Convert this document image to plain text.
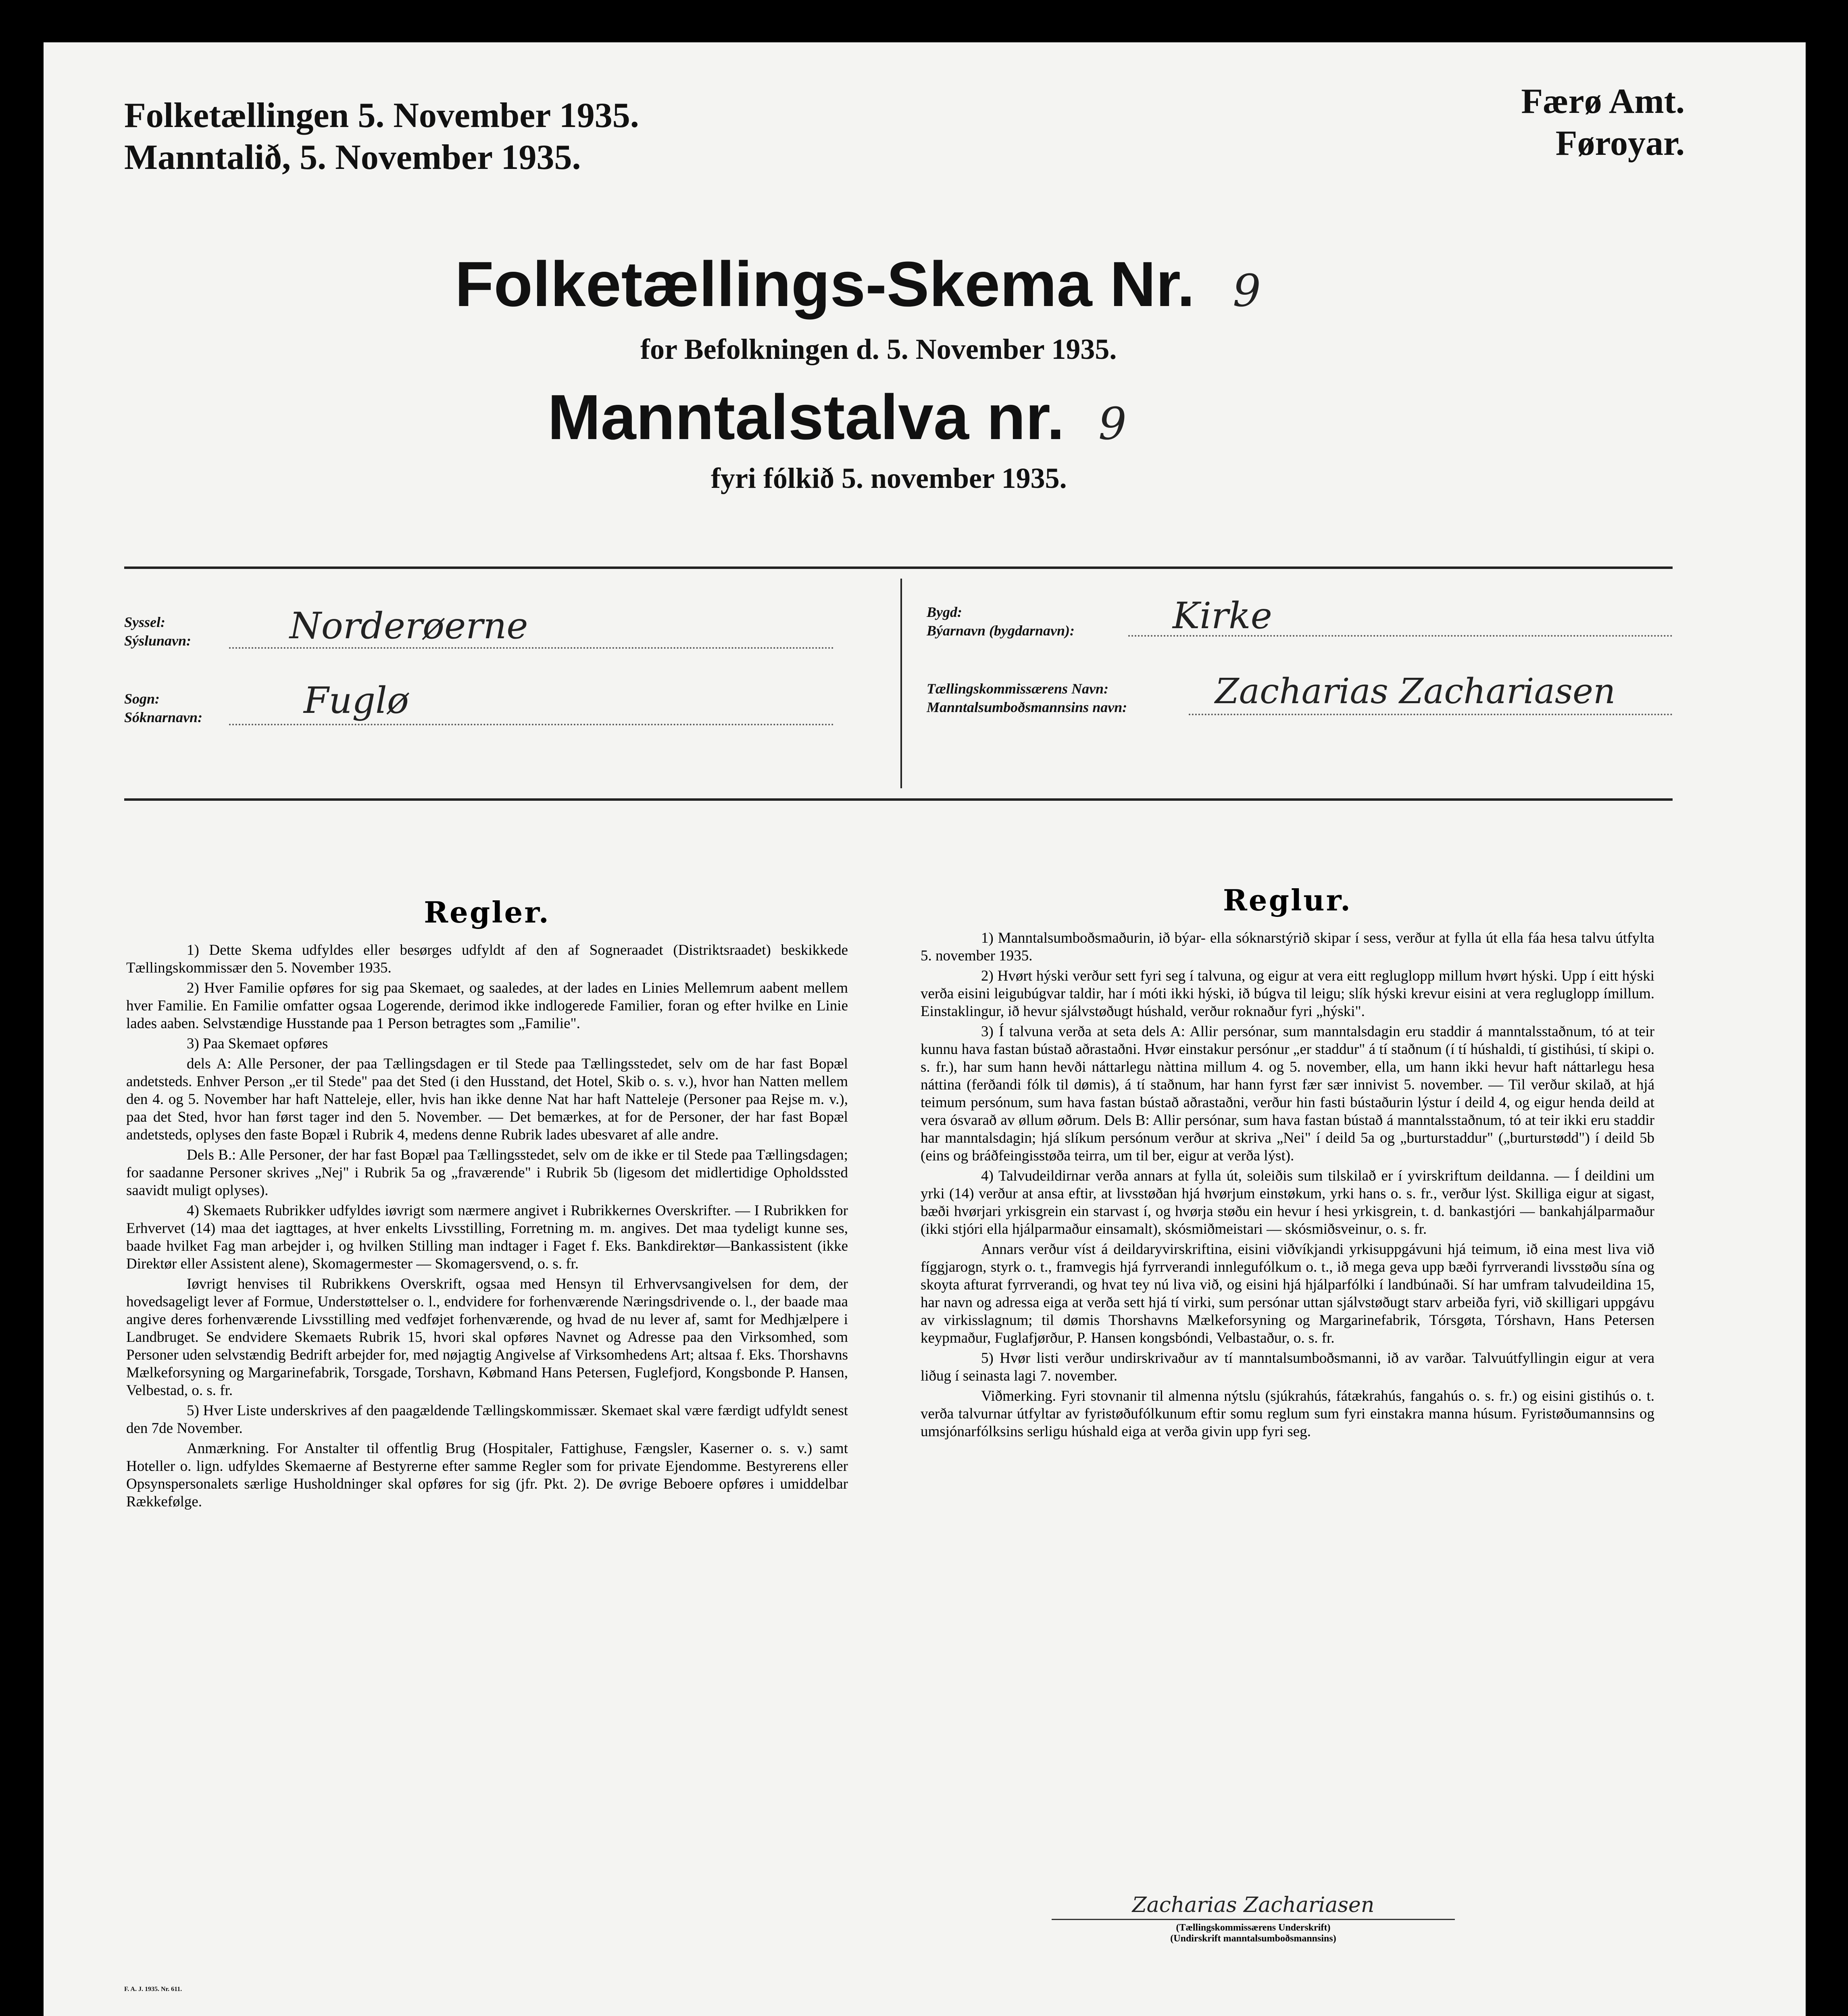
Folketællingen 5. November 1935.
Manntalið, 5. November 1935.
Færø Amt.
Føroyar.
Folketællings-Skema Nr. 9
for Befolkningen d. 5. November 1935.
Manntalstalva nr. 9
fyri fólkið 5. november 1935.
Syssel:
Sýslunavn:	Norderøerne
Sogn:
Sóknarnavn:	Fuglø
Bygd:
Býarnavn (bygdarnavn):	Kirke
Tællingskommissærens Navn:
Manntalsumboðsmannsins navn:	Zacharias Zachariasen
Regler.

1) Dette Skema udfyldes eller besørges udfyldt af den af Sogneraadet (Distriktsraadet) beskikkede Tællingskommissær den 5. November 1935.

2) Hver Familie opføres for sig paa Skemaet, og saaledes, at der lades en Linies Mellemrum aabent mellem hver Familie. En Familie omfatter ogsaa Logerende, derimod ikke indlogerede Familier, foran og efter hvilke en Linie lades aaben. Selvstændige Husstande paa 1 Person betragtes som „Familie".

3) Paa Skemaet opføres

dels A: Alle Personer, der paa Tællingsdagen er til Stede paa Tællingsstedet, selv om de har fast Bopæl andetsteds. Enhver Person „er til Stede" paa det Sted (i den Husstand, det Hotel, Skib o. s. v.), hvor han Natten mellem den 4. og 5. November har haft Natteleje, eller, hvis han ikke denne Nat har haft Natteleje (Personer paa Rejse m. v.), paa det Sted, hvor han først tager ind den 5. November. — Det bemærkes, at for de Personer, der har fast Bopæl andetsteds, oplyses den faste Bopæl i Rubrik 4, medens denne Rubrik lades ubesvaret af alle andre.

Dels B.: Alle Personer, der har fast Bopæl paa Tællingsstedet, selv om de ikke er til Stede paa Tællingsdagen; for saadanne Personer skrives „Nej" i Rubrik 5a og „fraværende" i Rubrik 5b (ligesom det midlertidige Opholdssted saavidt muligt oplyses).

4) Skemaets Rubrikker udfyldes iøvrigt som nærmere angivet i Rubrikkernes Overskrifter. — I Rubrikken for Erhvervet (14) maa det iagttages, at hver enkelts Livsstilling, Forretning m. m. angives. Det maa tydeligt kunne ses, baade hvilket Fag man arbejder i, og hvilken Stilling man indtager i Faget f. Eks. Bankdirektør—Bankassistent (ikke Direktør eller Assistent alene), Skomagermester — Skomagersvend, o. s. fr.

Iøvrigt henvises til Rubrikkens Overskrift, ogsaa med Hensyn til Erhvervsangivelsen for dem, der hovedsageligt lever af Formue, Understøttelser o. l., endvidere for forhenværende Næringsdrivende o. l., der baade maa angive deres forhenværende Livsstilling med vedføjet forhenværende, og hvad de nu lever af, samt for Medhjælpere i Landbruget. Se endvidere Skemaets Rubrik 15, hvori skal opføres Navnet og Adresse paa den Virksomhed, som Personer uden selvstændig Bedrift arbejder for, med nøjagtig Angivelse af Virksomhedens Art; altsaa f. Eks. Thorshavns Mælkeforsyning og Margarinefabrik, Torsgade, Torshavn, Købmand Hans Petersen, Fuglefjord, Kongsbonde P. Hansen, Velbestad, o. s. fr.

5) Hver Liste underskrives af den paagældende Tællingskommissær. Skemaet skal være færdigt udfyldt senest den 7de November.

Anmærkning. For Anstalter til offentlig Brug (Hospitaler, Fattighuse, Fængsler, Kaserner o. s. v.) samt Hoteller o. lign. udfyldes Skemaerne af Bestyrerne efter samme Regler som for private Ejendomme. Bestyrerens eller Opsynspersonalets særlige Husholdninger skal opføres for sig (jfr. Pkt. 2). De øvrige Beboere opføres i umiddelbar Rækkefølge.

Reglur.

1) Manntalsumboðsmaðurin, ið býar- ella sóknarstýrið skipar í sess, verður at fylla út ella fáa hesa talvu útfylta 5. november 1935.

2) Hvørt hýski verður sett fyri seg í talvuna, og eigur at vera eitt regluglopp millum hvørt hýski. Upp í eitt hýski verða eisini leigubúgvar taldir, har í móti ikki hýski, ið búgva til leigu; slík hýski krevur eisini at vera regluglopp ímillum. Einstaklingur, ið hevur sjálvstøðugt húshald, verður roknaður fyri „hýski".

3) Í talvuna verða at seta dels A: Allir persónar, sum manntalsdagin eru staddir á manntalsstaðnum, tó at teir kunnu hava fastan bústað aðrastaðni. Hvør einstakur persónur „er staddur" á tí staðnum (í tí húshaldi, tí gistihúsi, tí skipi o. s. fr.), har sum hann hevði náttarlegu nàttina millum 4. og 5. november, ella, um hann ikki hevur haft náttarlegu hesa náttina (ferðandi fólk til dømis), á tí staðnum, har hann fyrst fær sær innivist 5. november. — Til verður skilað, at hjá teimum persónum, sum hava fastan bústað aðrastaðni, verður hin fasti bústaðurin lýstur í deild 4, og eigur henda deild at vera ósvarað av øllum øðrum. Dels B: Allir persónar, sum hava fastan bústað á manntalsstaðnum, tó at teir ikki eru staddir har manntalsdagin; hjá slíkum persónum verður at skriva „Nei" í deild 5a og „burturstaddur" („burturstødd") í deild 5b (eins og bráðfeingisstøða teirra, um til ber, eigur at verða lýst).

4) Talvudeildirnar verða annars at fylla út, soleiðis sum tilskilað er í yvirskriftum deildanna. — Í deildini um yrki (14) verður at ansa eftir, at livsstøðan hjá hvørjum einstøkum, yrki hans o. s. fr., verður lýst. Skilliga eigur at sigast, bæði hvørjari yrkisgrein ein starvast í, og hvørja støðu ein hevur í hesi yrkisgrein, t. d. bankastjóri — bankahjálparmaður (ikki stjóri ella hjálparmaður einsamalt), skósmiðmeistari — skósmiðsveinur, o. s. fr.

Annars verður víst á deildaryvirskriftina, eisini viðvíkjandi yrkisuppgávuni hjá teimum, ið eina mest liva við fíggjarogn, styrk o. t., framvegis hjá fyrrverandi innlegufólkum o. t., ið mega geva upp bæði fyrrverandi livsstøðu sína og skoyta afturat fyrrverandi, og hvat tey nú liva við, og eisini hjá hjálparfólki í landbúnaði. Sí har umfram talvudeildina 15, har navn og adressa eiga at verða sett hjá tí virki, sum persónar uttan sjálvstøðugt starv arbeiða fyri, við skilligari uppgávu av virkisslagnum; til dømis Thorshavns Mælkeforsyning og Margarinefabrik, Tórsgøta, Tórshavn, Hans Petersen keypmaður, Fuglafjørður, P. Hansen kongsbóndi, Velbastaður, o. s. fr.

5) Hvør listi verður undirskrivaður av tí manntalsumboðsmanni, ið av varðar. Talvuútfyllingin eigur at vera liðug í seinasta lagi 7. november.

Viðmerking. Fyri stovnanir til almenna nýtslu (sjúkrahús, fátækrahús, fangahús o. s. fr.) og eisini gistihús o. t. verða talvurnar útfyltar av fyristøðufólkunum eftir somu reglum sum fyri einstakra manna húsum. Fyristøðumannsins og umsjónarfólksins serligu húshald eiga at verða givin upp fyri seg.

Zacharias Zachariasen
(Tællingskommissærens Underskrift)
(Undirskrift manntalsumboðsmannsins)
F. A. J. 1935. Nr. 611.
